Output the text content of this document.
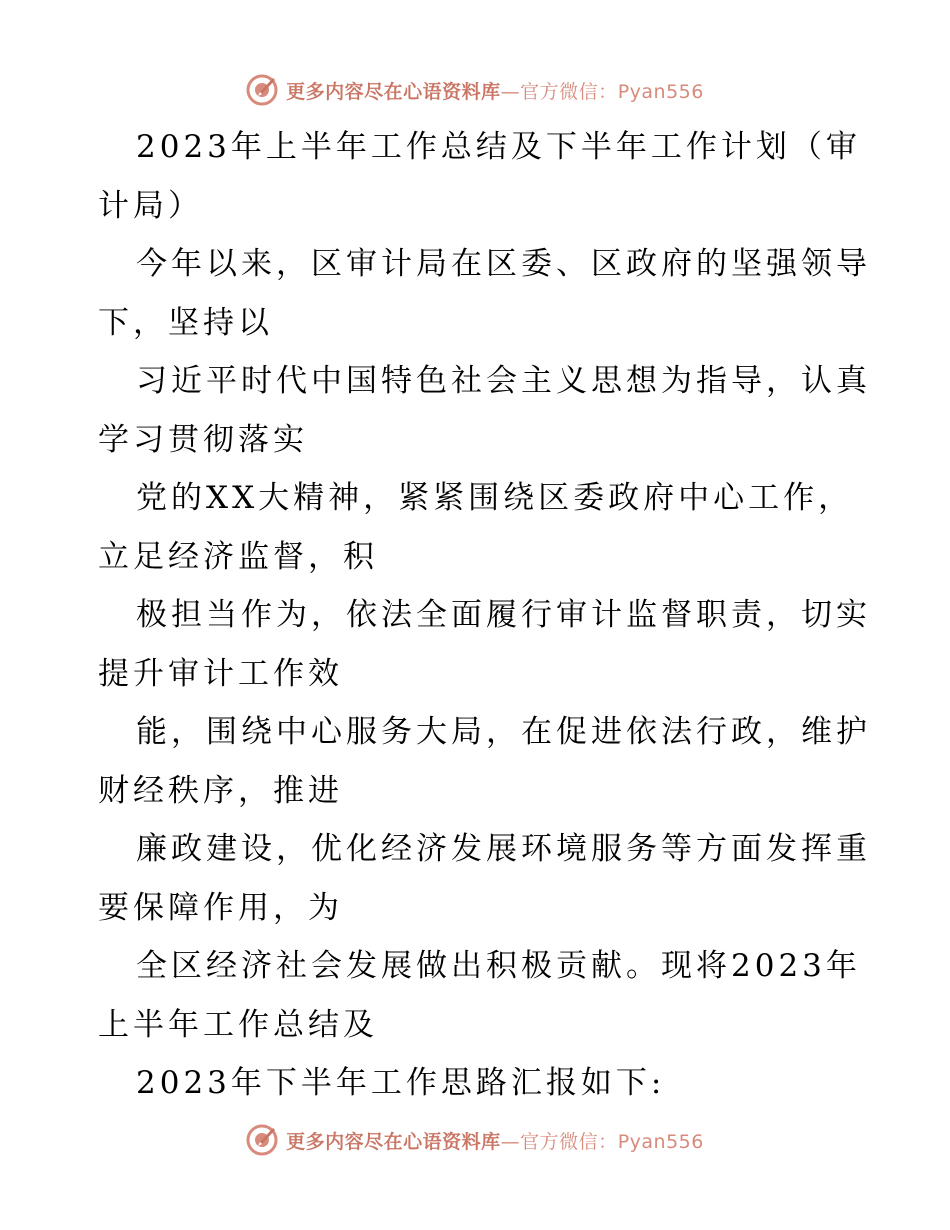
更多内容尽在心语资料库—官方微信：Pyan556
2023年上半年工作总结及下半年工作计划（审
计局）
今年以来，区审计局在区委、区政府的坚强领导
下，坚持以
习近平时代中国特色社会主义思想为指导，认真
学习贯彻落实
党的XX大精神，紧紧围绕区委政府中心工作，
立足经济监督，积
极担当作为，依法全面履行审计监督职责，切实
提升审计工作效
能，围绕中心服务大局，在促进依法行政，维护
财经秩序，推进
廉政建设，优化经济发展环境服务等方面发挥重
要保障作用，为
全区经济社会发展做出积极贡献。现将2023年
上半年工作总结及
2023年下半年工作思路汇报如下:
更多内容尽在心语资料库—官方微信：Pyan556
